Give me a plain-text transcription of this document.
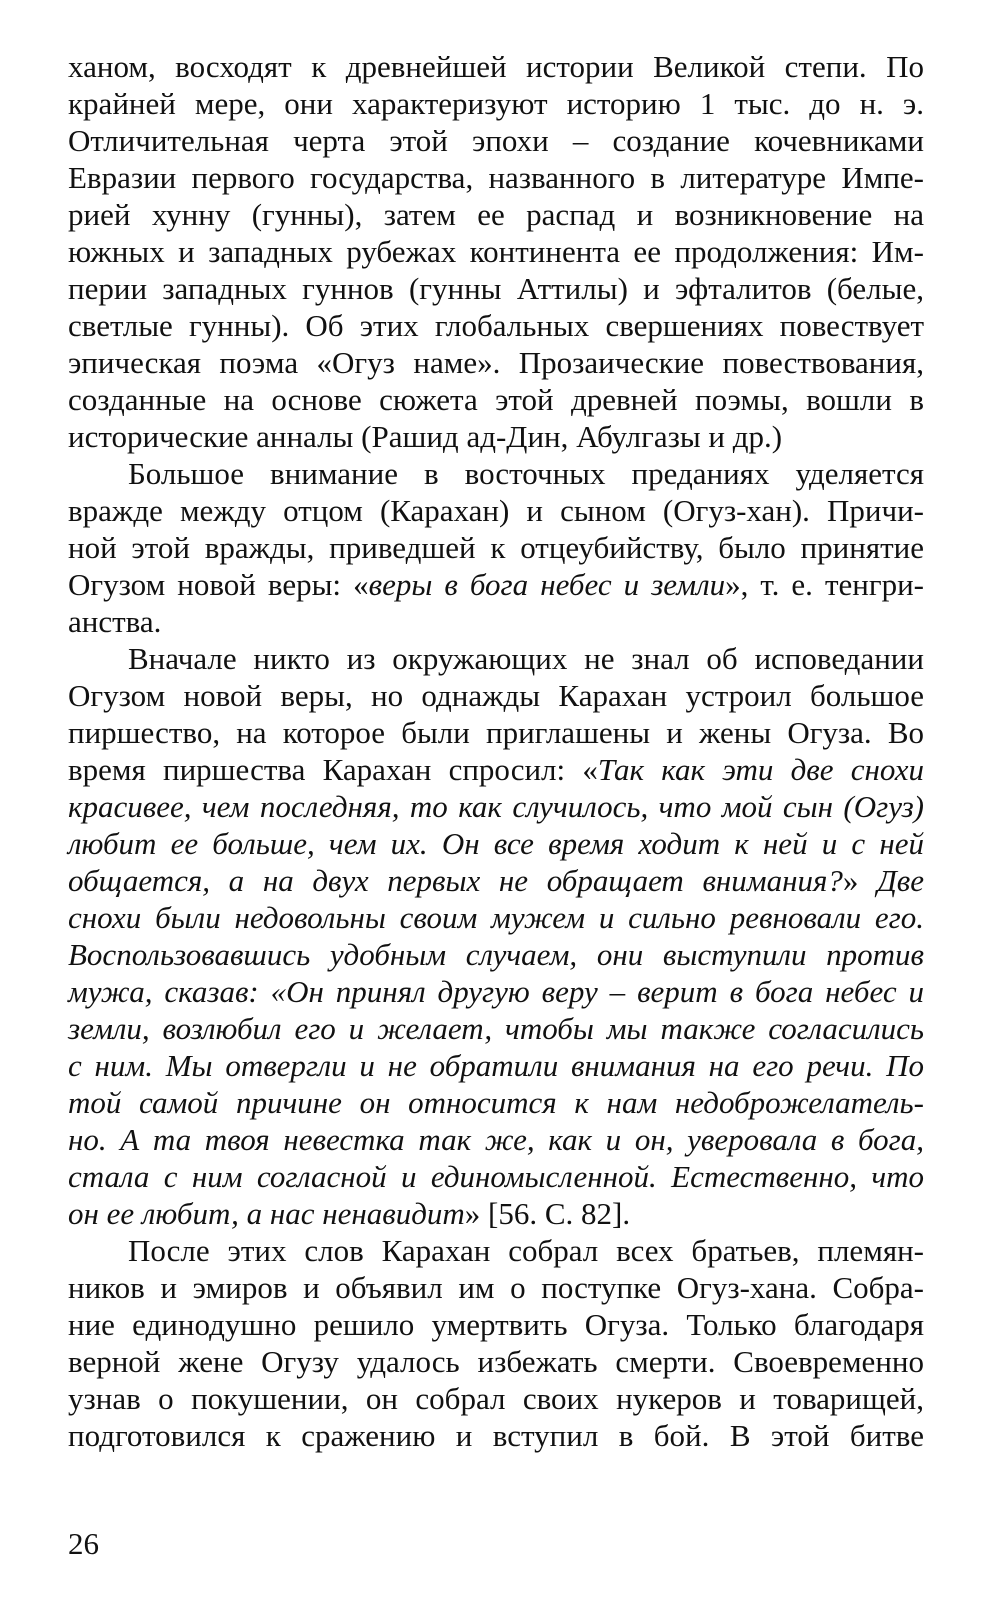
ханом, восходят к древнейшей истории Великой степи. По
крайней мере, они характеризуют историю 1 тыс. до н. э.
Отличительная черта этой эпохи – создание кочевниками
Евразии первого государства, названного в литературе Импе-
рией хунну (гунны), затем ее распад и возникновение на
южных и западных рубежах континента ее продолжения: Им-
перии западных гуннов (гунны Аттилы) и эфталитов (белые,
светлые гунны). Об этих глобальных свершениях повествует
эпическая поэма «Огуз наме». Прозаические повествования,
созданные на основе сюжета этой древней поэмы, вошли в
исторические анналы (Рашид ад-Дин, Абулгазы и др.)

Большое внимание в восточных преданиях уделяется
вражде между отцом (Карахан) и сыном (Огуз-хан). Причи-
ной этой вражды, приведшей к отцеубийству, было принятие
Огузом новой веры: «веры в бога небес и земли», т. е. тенгри-
анства.

Вначале никто из окружающих не знал об исповедании
Огузом новой веры, но однажды Карахан устроил большое
пиршество, на которое были приглашены и жены Огуза. Во
время пиршества Карахан спросил: «Так как эти две снохи
красивее, чем последняя, то как случилось, что мой сын (Огуз)
любит ее больше, чем их. Он все время ходит к ней и с ней
общается, а на двух первых не обращает внимания?» Две
снохи были недовольны своим мужем и сильно ревновали его.
Воспользовавшись удобным случаем, они выступили против
мужа, сказав: «Он принял другую веру – верит в бога небес и
земли, возлюбил его и желает, чтобы мы также согласились
с ним. Мы отвергли и не обратили внимания на его речи. По
той самой причине он относится к нам недоброжелатель-
но. А та твоя невестка так же, как и он, уверовала в бога,
стала с ним согласной и единомысленной. Естественно, что
он ее любит, а нас ненавидит» [56. С. 82].

После этих слов Карахан собрал всех братьев, племян-
ников и эмиров и объявил им о поступке Огуз-хана. Собра-
ние единодушно решило умертвить Огуза. Только благодаря
верной жене Огузу удалось избежать смерти. Своевременно
узнав о покушении, он собрал своих нукеров и товарищей,
подготовился к сражению и вступил в бой. В этой битве

26
